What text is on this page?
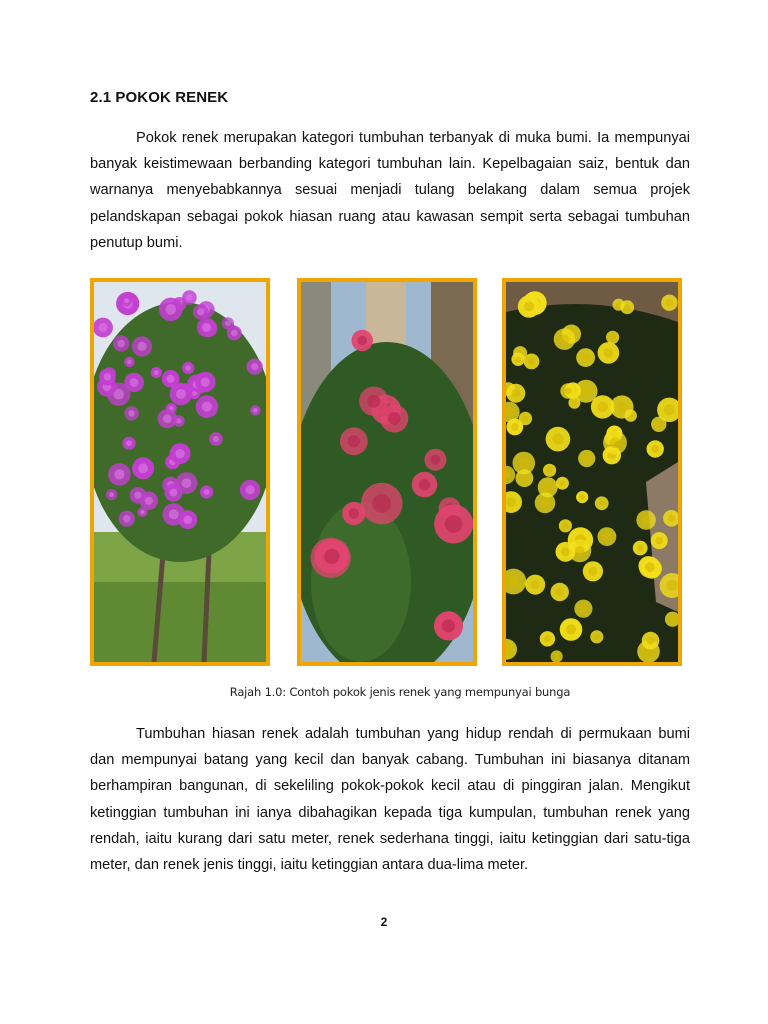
2.1 POKOK RENEK

Pokok renek merupakan kategori tumbuhan terbanyak di muka bumi. Ia mempunyai banyak keistimewaan berbanding kategori tumbuhan lain. Kepelbagaian saiz, bentuk dan warnanya menyebabkannya sesuai menjadi tulang belakang dalam semua projek pelandskapan sebagai pokok hiasan ruang atau kawasan sempit serta sebagai tumbuhan penutup bumi.

Rajah 1.0: Contoh pokok jenis renek yang mempunyai bunga

Tumbuhan hiasan renek adalah tumbuhan yang hidup rendah di permukaan bumi dan mempunyai batang yang kecil dan banyak cabang. Tumbuhan ini biasanya ditanam berhampiran bangunan, di sekeliling pokok-pokok kecil atau di pinggiran jalan. Mengikut ketinggian tumbuhan ini ianya dibahagikan kepada tiga kumpulan, tumbuhan renek yang rendah, iaitu kurang dari satu meter, renek sederhana tinggi, iaitu ketinggian dari satu-tiga meter, dan renek jenis tinggi, iaitu ketinggian antara dua-lima meter.

2
